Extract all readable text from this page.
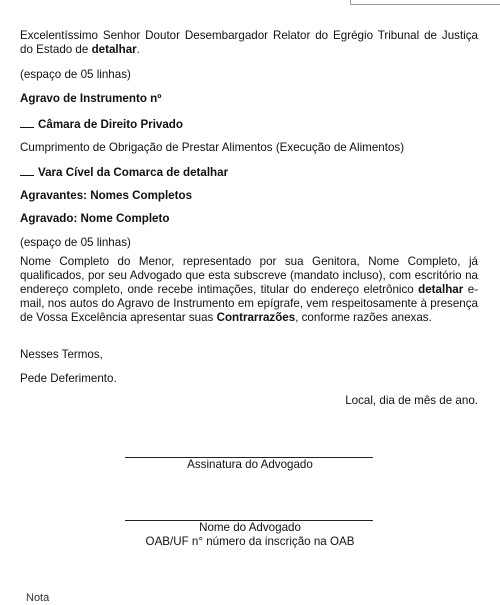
Excelentíssimo Senhor Doutor Desembargador Relator do Egrégio Tribunal de Justiça do Estado de detalhar.

(espaço de 05 linhas)

Agravo de Instrumento nº

Câmara de Direito Privado

Cumprimento de Obrigação de Prestar Alimentos (Execução de Alimentos)

Vara Cível da Comarca de detalhar

Agravantes: Nomes Completos

Agravado: Nome Completo

(espaço de 05 linhas)

Nome Completo do Menor, representado por sua Genitora, Nome Completo, já qualificados, por seu Advogado que esta subscreve (mandato incluso), com escritório na endereço completo, onde recebe intimações, titular do endereço eletrônico detalhar e-mail, nos autos do Agravo de Instrumento em epígrafe, vem respeitosamente à presença de Vossa Excelência apresentar suas Contrarrazões, conforme razões anexas.

Nesses Termos,

Pede Deferimento.

Local, dia de mês de ano.

Assinatura do Advogado

Nome do Advogado

OAB/UF n° número da inscrição na OAB

Nota
